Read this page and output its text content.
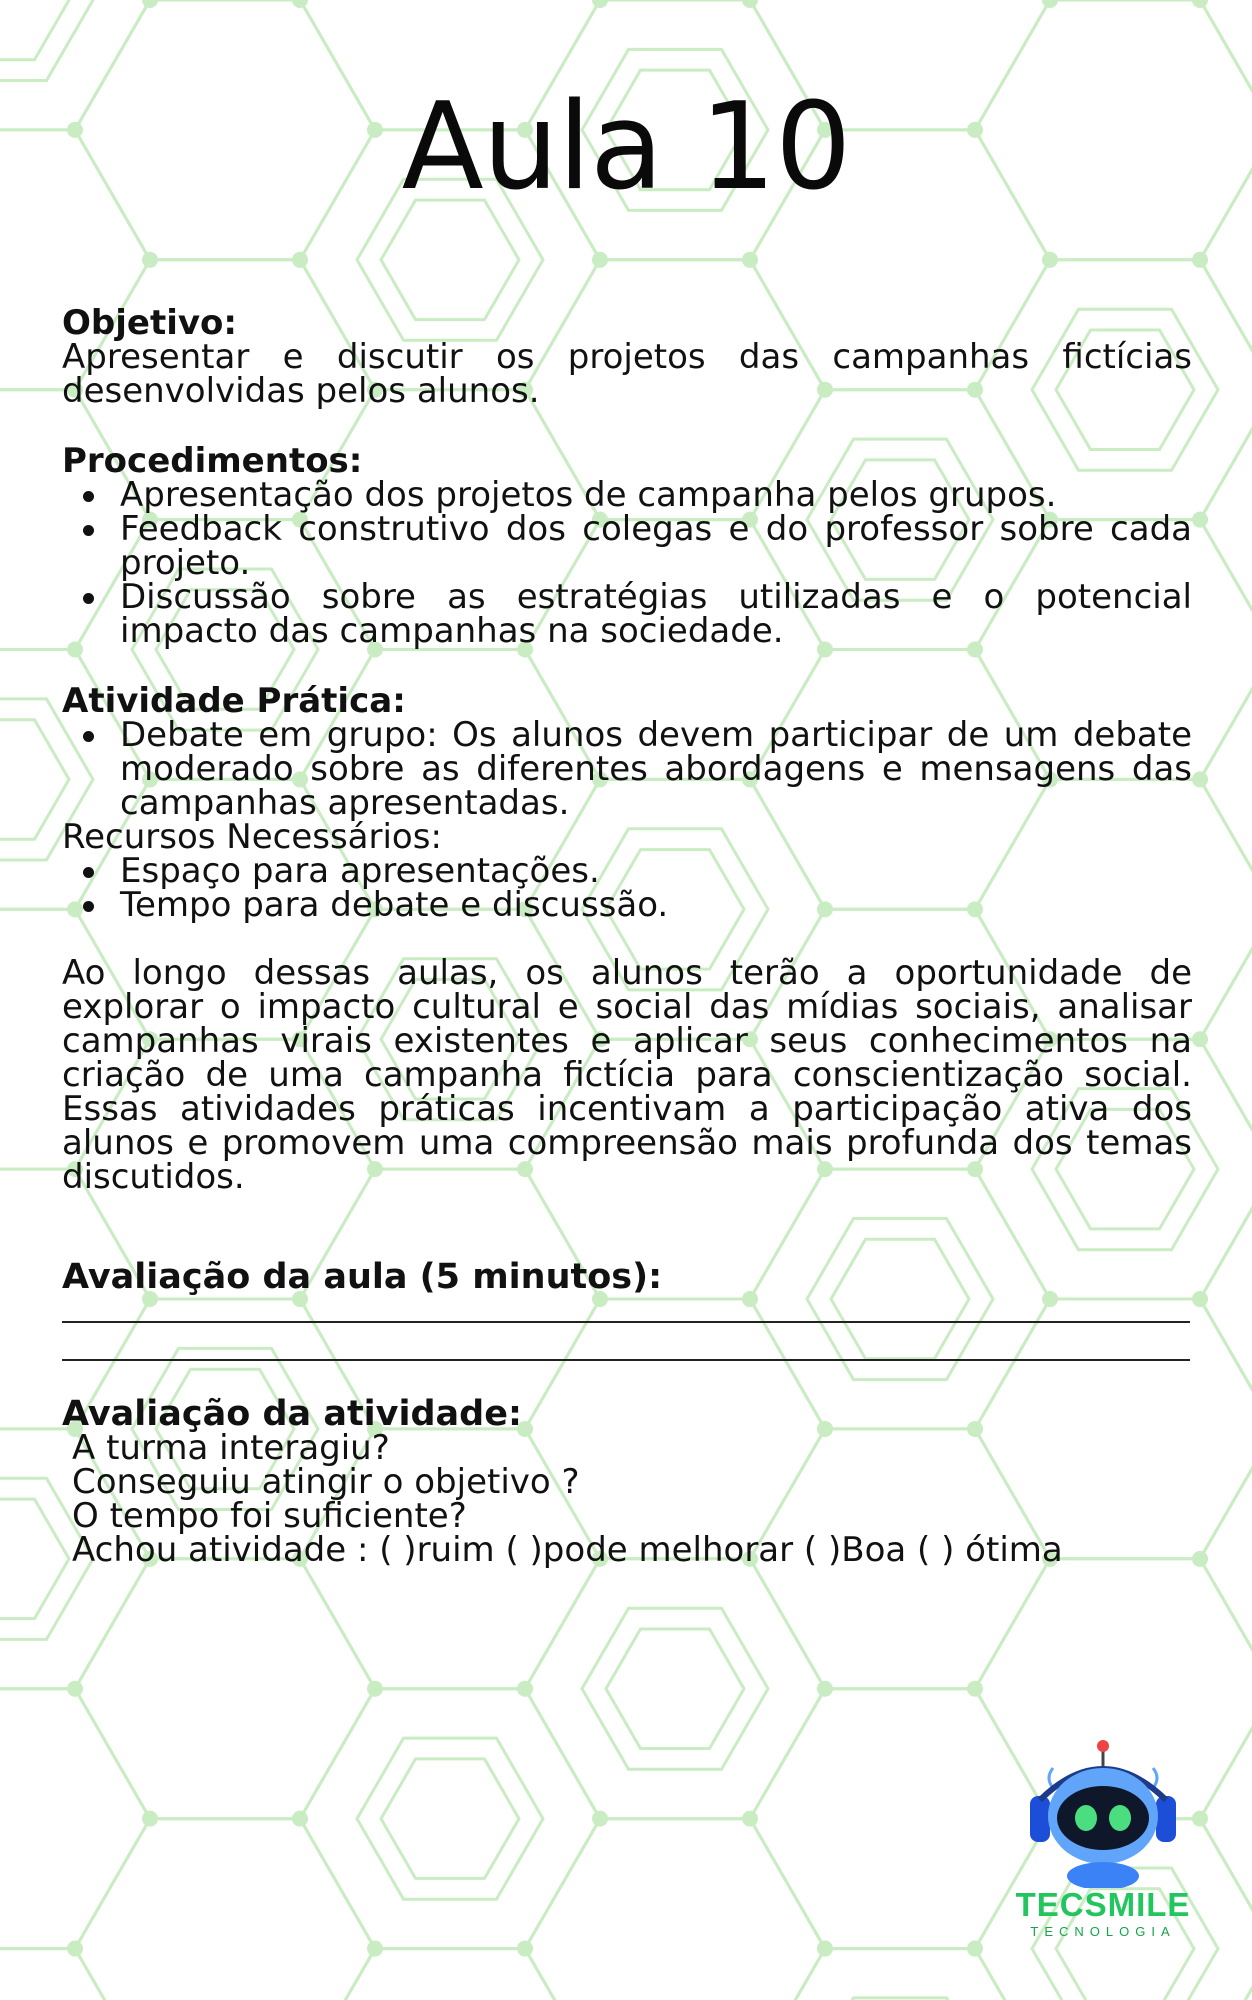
Aula 10

Objetivo:

Apresentar e discutir os projetos das campanhas fictícias desenvolvidas pelos alunos.

Procedimentos:

Apresentação dos projetos de campanha pelos grupos.
Feedback construtivo dos colegas e do professor sobre cada projeto.
Discussão sobre as estratégias utilizadas e o potencial impacto das campanhas na sociedade.

Atividade Prática:

Debate em grupo: Os alunos devem participar de um debate moderado sobre as diferentes abordagens e mensagens das campanhas apresentadas.

Recursos Necessários:

Espaço para apresentações.
Tempo para debate e discussão.

Ao longo dessas aulas, os alunos terão a oportunidade de explorar o impacto cultural e social das mídias sociais, analisar campanhas virais existentes e aplicar seus conhecimentos na criação de uma campanha fictícia para conscientização social. Essas atividades práticas incentivam a participação ativa dos alunos e promovem uma compreensão mais profunda dos temas discutidos.

Avaliação da aula (5 minutos):

Avaliação da atividade:

A turma interagiu?

Conseguiu atingir o objetivo ?

O tempo foi suficiente?

Achou atividade : ( )ruim ( )pode melhorar ( )Boa ( ) ótima

TECSMILE
TECNOLOGIA
